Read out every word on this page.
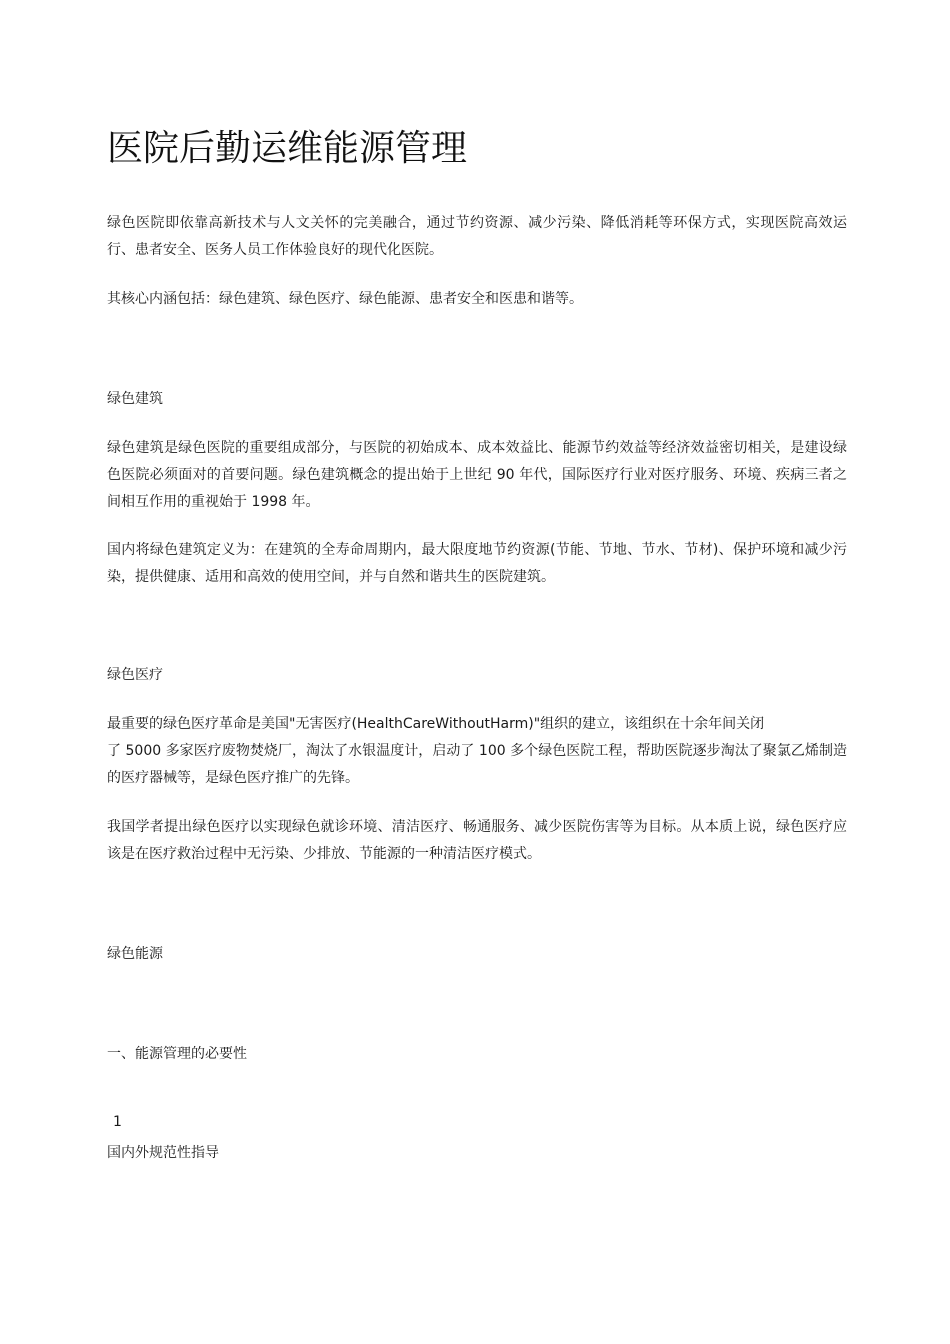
医院后勤运维能源管理

绿色医院即依靠高新技术与人文关怀的完美融合，通过节约资源、减少污染、降低消耗等环保方式，实现医院高效运行、患者安全、医务人员工作体验良好的现代化医院。

其核心内涵包括：绿色建筑、绿色医疗、绿色能源、患者安全和医患和谐等。

绿色建筑

绿色建筑是绿色医院的重要组成部分，与医院的初始成本、成本效益比、能源节约效益等经济效益密切相关，是建设绿色医院必须面对的首要问题。绿色建筑概念的提出始于上世纪 90 年代，国际医疗行业对医疗服务、环境、疾病三者之间相互作用的重视始于 1998 年。

国内将绿色建筑定义为：在建筑的全寿命周期内，最大限度地节约资源(节能、节地、节水、节材)、保护环境和减少污染，提供健康、适用和高效的使用空间，并与自然和谐共生的医院建筑。

绿色医疗

最重要的绿色医疗革命是美国"无害医疗(HealthCareWithoutHarm)"组织的建立，该组织在十余年间关闭

了 5000 多家医疗废物焚烧厂，淘汰了水银温度计，启动了 100 多个绿色医院工程，帮助医院逐步淘汰了聚氯乙烯制造的医疗器械等，是绿色医疗推广的先锋。

我国学者提出绿色医疗以实现绿色就诊环境、清洁医疗、畅通服务、减少医院伤害等为目标。从本质上说，绿色医疗应该是在医疗救治过程中无污染、少排放、节能源的一种清洁医疗模式。

绿色能源

一、能源管理的必要性

1

国内外规范性指导
